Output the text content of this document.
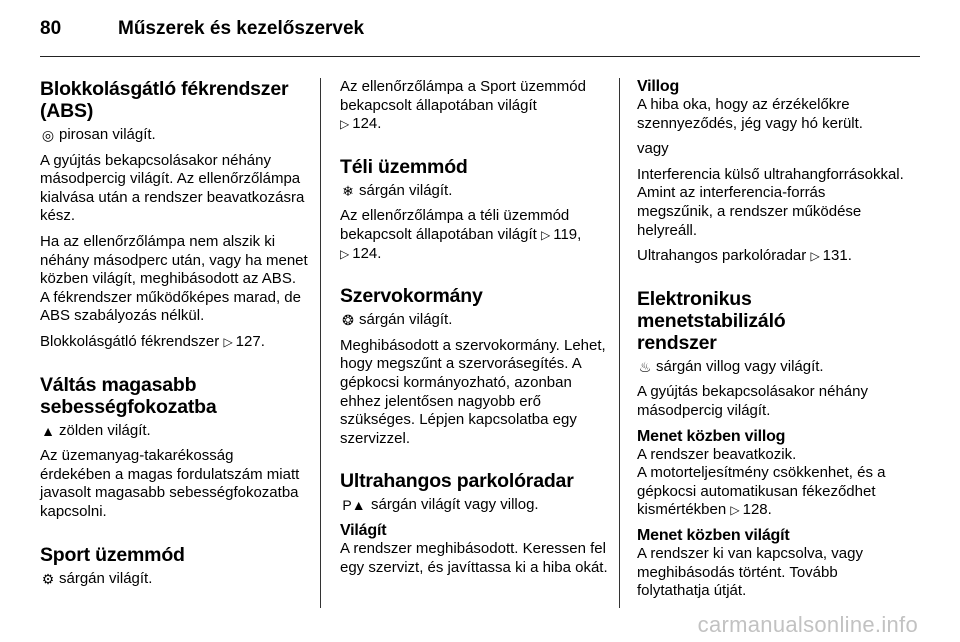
80	Műszerek és kezelőszervek
Blokkolásgátló fékrendszer
(ABS)

◎ pirosan világít.

A gyújtás bekapcsolásakor néhány másodpercig világít. Az ellenőrzőlámpa kialvása után a rendszer beavatkozásra kész.

Ha az ellenőrzőlámpa nem alszik ki néhány másodperc után, vagy ha menet közben világít, meghibásodott az ABS. A fékrendszer működőképes marad, de ABS szabályozás nélkül.

Blokkolásgátló fékrendszer ▷ 127.

Váltás magasabb
sebességfokozatba

▲ zölden világít.

Az üzemanyag-takarékosság érdekében a magas fordulatszám miatt javasolt magasabb sebességfokozatba kapcsolni.

Sport üzemmód

⚙ sárgán világít.

Az ellenőrzőlámpa a Sport üzemmód bekapcsolt állapotában világít
▷ 124.

Téli üzemmód

❄ sárgán világít.

Az ellenőrzőlámpa a téli üzemmód bekapcsolt állapotában világít ▷ 119,
▷ 124.

Szervokormány

❂ sárgán világít.

Meghibásodott a szervokormány. Lehet, hogy megszűnt a szervorásegítés. A gépkocsi kormányozható, azonban ehhez jelentősen nagyobb erő szükséges. Lépjen kapcsolatba egy szervizzel.

Ultrahangos parkolóradar

P▲ sárgán világít vagy villog.

Világít

A rendszer meghibásodott. Keressen fel egy szervizt, és javíttassa ki a hiba okát.

Villog

A hiba oka, hogy az érzékelőkre szennyeződés, jég vagy hó került.

vagy

Interferencia külső ultrahangforrásokkal. Amint az interferencia-forrás megszűnik, a rendszer működése helyreáll.

Ultrahangos parkolóradar ▷ 131.

Elektronikus menetstabilizáló
rendszer

♨ sárgán villog vagy világít.

A gyújtás bekapcsolásakor néhány másodpercig világít.

Menet közben villog

A rendszer beavatkozik.
A motorteljesítmény csökkenhet, és a gépkocsi automatikusan fékeződhet kismértékben ▷ 128.

Menet közben világít

A rendszer ki van kapcsolva, vagy meghibásodás történt. Tovább folytathatja útját.

carmanualsonline.info
